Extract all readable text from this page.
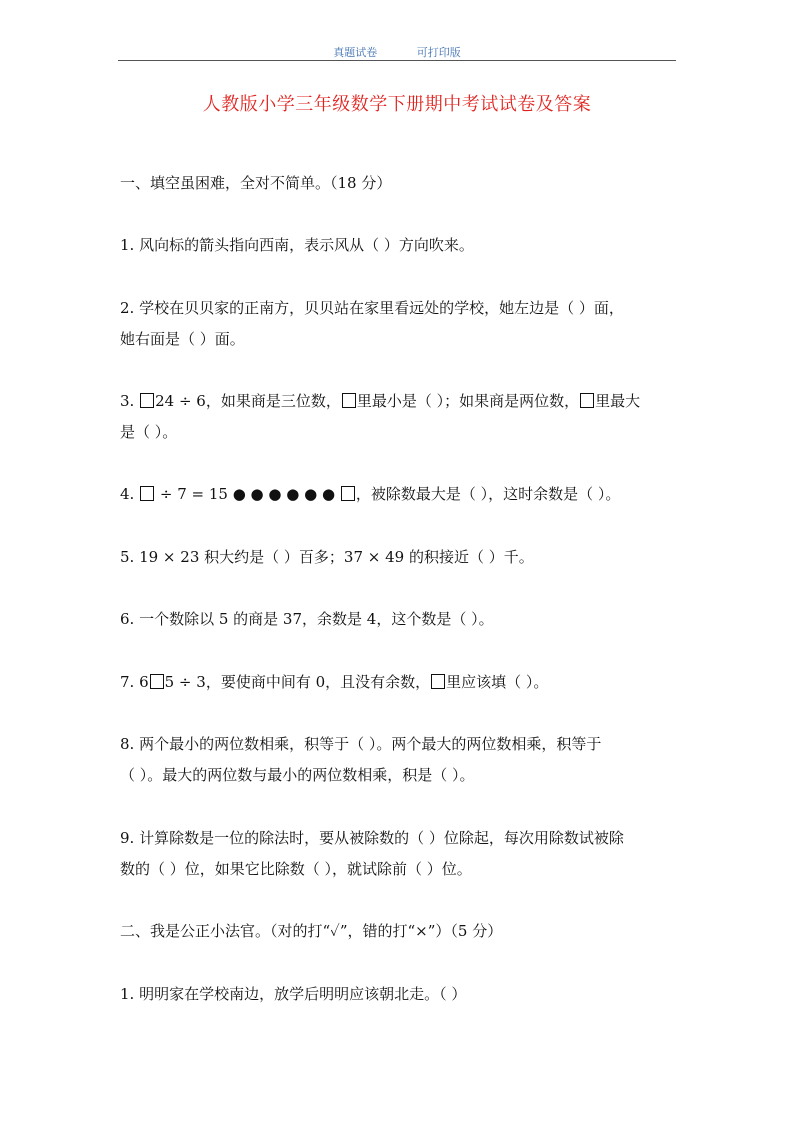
真题试卷	可打印版
人教版小学三年级数学下册期中考试试卷及答案
一、填空虽困难，全对不简单。（18 分）
1. 风向标的箭头指向西南，表示风从（ ）方向吹来。
2. 学校在贝贝家的正南方，贝贝站在家里看远处的学校，她左边是（ ）面，
她右面是（ ）面。
3. 24 ÷ 6，如果商是三位数， 里最小是（ ）；如果商是两位数， 里最大
是（ ）。
4.  ÷ 7 = 15 ● ● ● ● ● ● ，被除数最大是（ ），这时余数是（ ）。
5. 19 × 23 积大约是（ ）百多；37 × 49 的积接近（ ）千。
6. 一个数除以 5 的商是 37，余数是 4，这个数是（ ）。
7. 6 5 ÷ 3，要使商中间有 0，且没有余数， 里应该填（ ）。
8. 两个最小的两位数相乘，积等于（ ）。两个最大的两位数相乘，积等于
（ ）。最大的两位数与最小的两位数相乘，积是（ ）。
9. 计算除数是一位的除法时，要从被除数的（ ）位除起，每次用除数试被除
数的（ ）位，如果它比除数（ ），就试除前（ ）位。
二、我是公正小法官。（对的打“✓”，错的打“×”）（5 分）
1. 明明家在学校南边，放学后明明应该朝北走。（ ）
